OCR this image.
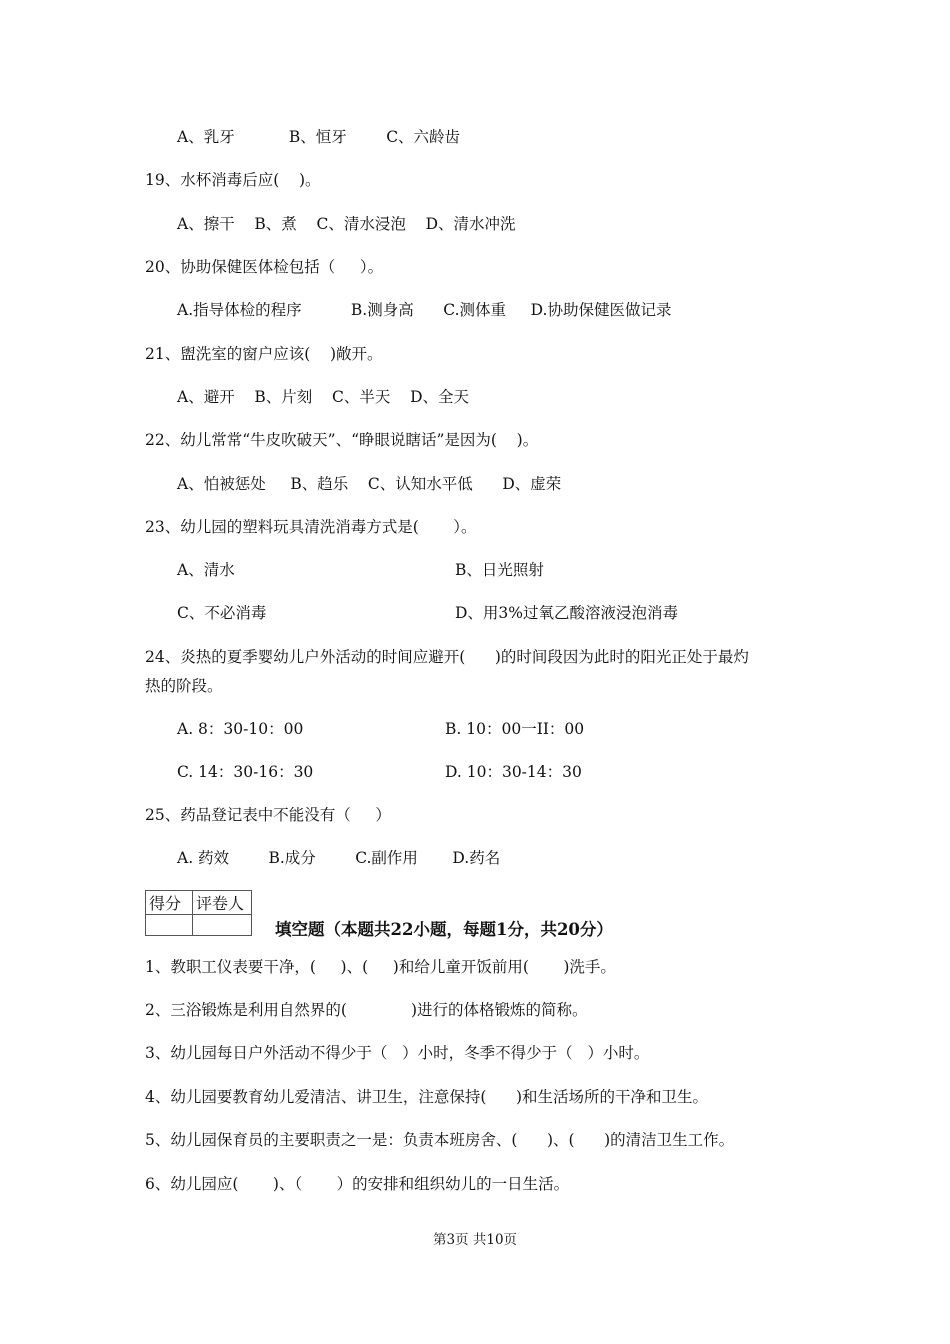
A、乳牙           B、恒牙        C、六龄齿
19、水杯消毒后应(    )。
A、擦干    B、煮    C、清水浸泡    D、清水冲洗
20、协助保健医体检包括（     ）。
A.指导体检的程序          B.测身高      C.测体重     D.协助保健医做记录
21、盥洗室的窗户应该(    )敞开。
A、避开    B、片刻    C、半天    D、全天
22、幼儿常常“牛皮吹破天”、“睁眼说瞎话”是因为(    )。
A、怕被惩处     B、趋乐    C、认知水平低      D、虚荣
23、幼儿园的塑料玩具清洗消毒方式是(       ）。
A、清水	B、日光照射
C、不必消毒	D、用3%过氧乙酸溶液浸泡消毒
24、炎热的夏季婴幼儿户外活动的时间应避开(      )的时间段因为此时的阳光正处于最灼
热的阶段。
A. 8：30-10：00	B. 10：00一II：00
C. 14：30-16：30	D. 10：30-14：30
25、药品登记表中不能没有（     ）
A. 药效        B.成分        C.副作用       D.药名
得分	评卷人

填空题（本题共22小题，每题1分，共20分）
1、教职工仪表要干净，(     )、(     )和给儿童开饭前用(       )洗手。
2、三浴锻炼是利用自然界的(             )进行的体格锻炼的简称。
3、幼儿园每日户外活动不得少于（   ）小时，冬季不得少于（   ）小时。
4、幼儿园要教育幼儿爱清洁、讲卫生，注意保持(      )和生活场所的干净和卫生。
5、幼儿园保育员的主要职责之一是：负责本班房舍、(      )、(      )的清洁卫生工作。
6、幼儿园应(       )、（       ）的安排和组织幼儿的一日生活。
第3页 共10页
